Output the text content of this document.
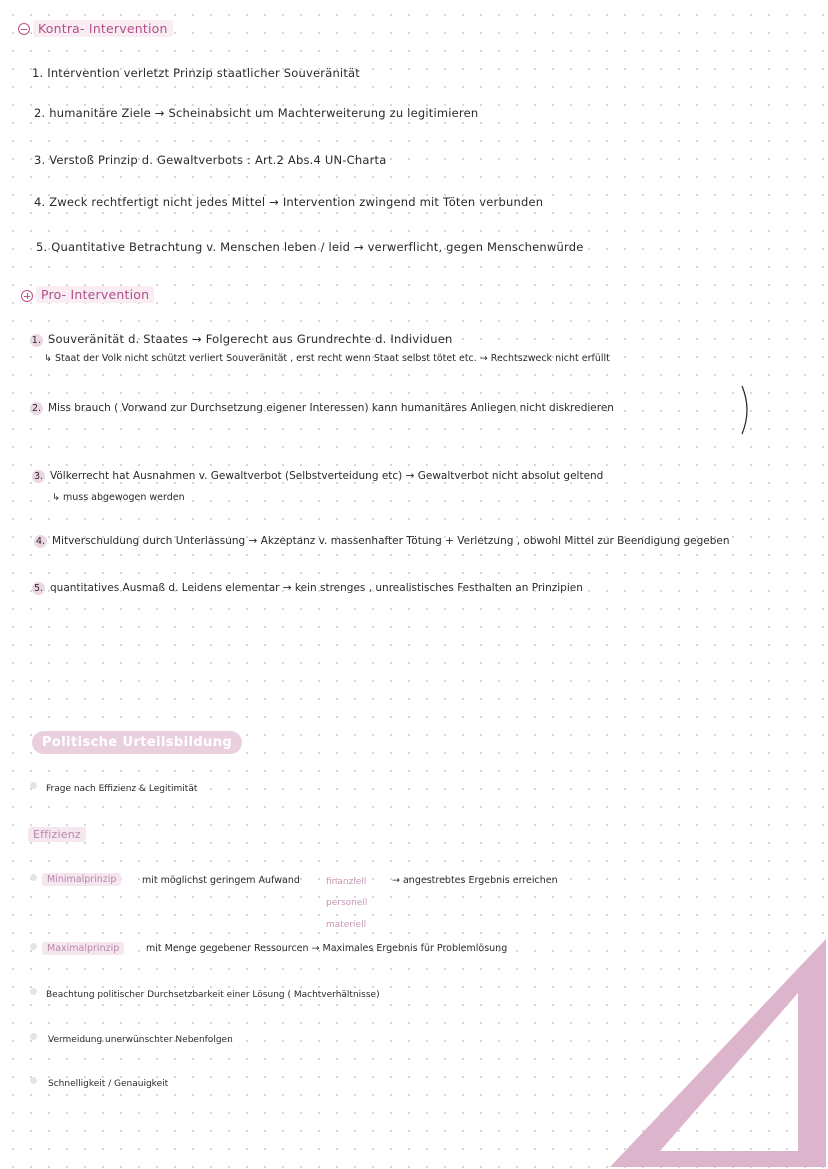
Kontra- Intervention
1. Intervention verletzt Prinzip staatlicher Souveränität
2. humanitäre Ziele → Scheinabsicht um Machterweiterung zu legitimieren
3. Verstoß Prinzip d. Gewaltverbots : Art.2 Abs.4 UN-Charta
4. Zweck rechtfertigt nicht jedes Mittel → Intervention zwingend mit Töten verbunden
5. Quantitative Betrachtung v. Menschen leben / leid → verwerflicht, gegen Menschenwürde
Pro- Intervention
1. Souveränität d. Staates → Folgerecht aus Grundrechte d. Individuen
↳ Staat der Volk nicht schützt verliert Souveränität , erst recht wenn Staat selbst tötet etc. → Rechtszweck nicht erfüllt
2. Miss brauch ( Vorwand zur Durchsetzung eigener Interessen) kann humanitäres Anliegen nicht diskredieren
3. Völkerrecht hat Ausnahmen v. Gewaltverbot (Selbstverteidung etc) → Gewaltverbot nicht absolut geltend
↳ muss abgewogen werden
4. Mitverschuldung durch Unterlassung → Akzeptanz v. massenhafter Tötung + Verletzung , obwohl Mittel zur Beendigung gegeben
5. quantitatives Ausmaß d. Leidens elementar → kein strenges , unrealistisches Festhalten an Prinzipien
Politische Urteilsbildung
Frage nach Effizienz & Legitimität
Effizienz
Minimalprinzip	mit möglichst geringem Aufwand	finanziell
personell
materiell
→ angestrebtes Ergebnis erreichen
Maximalprinzip	mit Menge gegebener Ressourcen → Maximales Ergebnis für Problemlösung
Beachtung politischer Durchsetzbarkeit einer Lösung ( Machtverhältnisse)
Vermeidung unerwünschter Nebenfolgen
Schnelligkeit / Genauigkeit
